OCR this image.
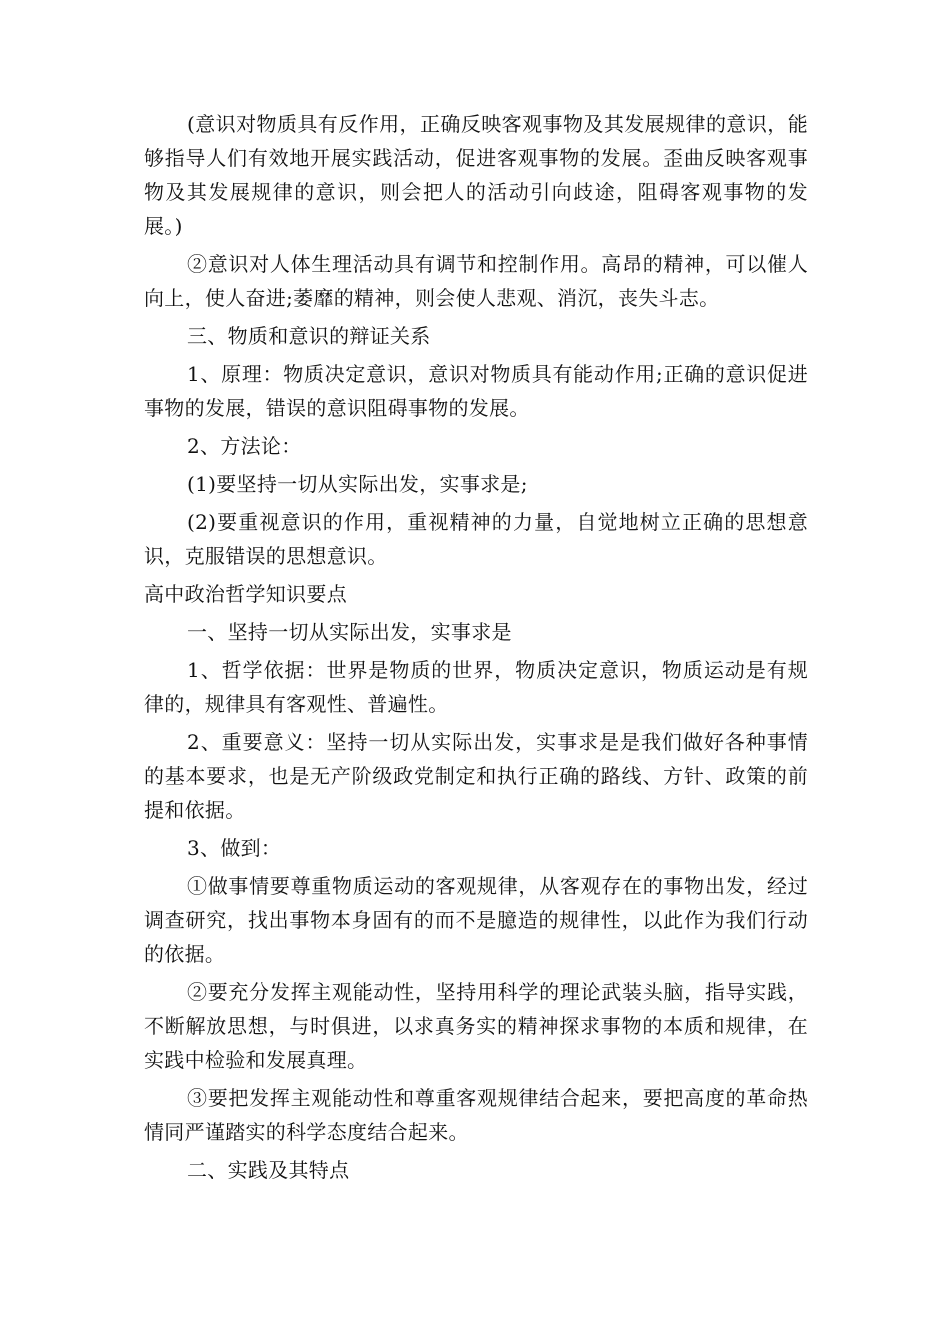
(意识对物质具有反作用，正确反映客观事物及其发展规律的意识，能够指导人们有效地开展实践活动，促进客观事物的发展。歪曲反映客观事物及其发展规律的意识，则会把人的活动引向歧途，阻碍客观事物的发展。)

②意识对人体生理活动具有调节和控制作用。高昂的精神，可以催人向上，使人奋进;萎靡的精神，则会使人悲观、消沉，丧失斗志。

三、物质和意识的辩证关系

1、原理：物质决定意识，意识对物质具有能动作用;正确的意识促进事物的发展，错误的意识阻碍事物的发展。

2、方法论：

(1)要坚持一切从实际出发，实事求是;

(2)要重视意识的作用，重视精神的力量，自觉地树立正确的思想意识，克服错误的思想意识。

高中政治哲学知识要点

一、坚持一切从实际出发，实事求是

1、哲学依据：世界是物质的世界，物质决定意识，物质运动是有规律的，规律具有客观性、普遍性。

2、重要意义：坚持一切从实际出发，实事求是是我们做好各种事情的基本要求，也是无产阶级政党制定和执行正确的路线、方针、政策的前提和依据。

3、做到：

①做事情要尊重物质运动的客观规律，从客观存在的事物出发，经过调查研究，找出事物本身固有的而不是臆造的规律性，以此作为我们行动的依据。

②要充分发挥主观能动性，坚持用科学的理论武装头脑，指导实践，不断解放思想，与时俱进，以求真务实的精神探求事物的本质和规律，在实践中检验和发展真理。

③要把发挥主观能动性和尊重客观规律结合起来，要把高度的革命热情同严谨踏实的科学态度结合起来。

二、实践及其特点
